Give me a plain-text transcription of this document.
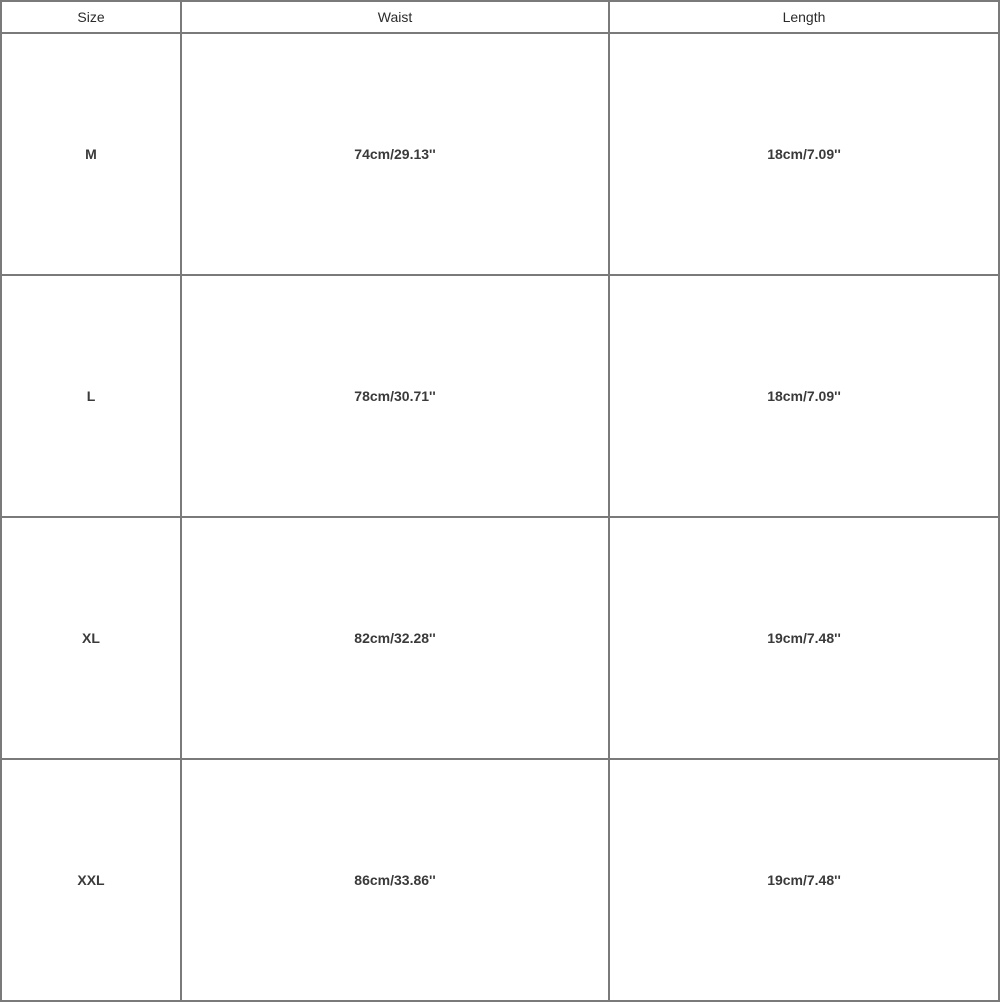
Size	Waist	Length
M	74cm/29.13''	18cm/7.09''
L	78cm/30.71''	18cm/7.09''
XL	82cm/32.28''	19cm/7.48''
XXL	86cm/33.86''	19cm/7.48''
